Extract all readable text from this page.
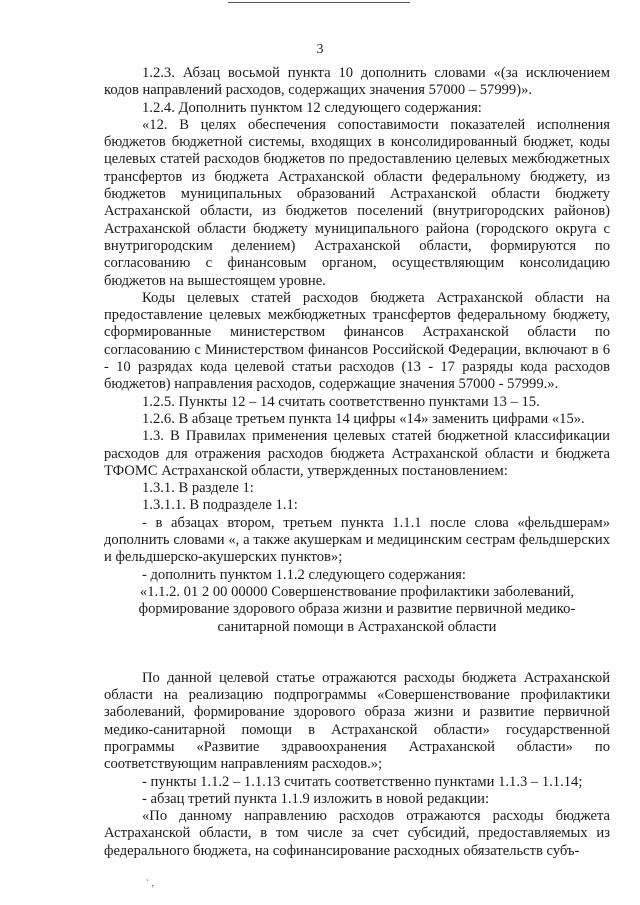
3

1.2.3. Абзац восьмой пункта 10 дополнить словами «(за исключением кодов направлений расходов, содержащих значения 57000 – 57999)».

1.2.4. Дополнить пунктом 12 следующего содержания:

«12. В целях обеспечения сопоставимости показателей исполнения бюджетов бюджетной системы, входящих в консолидированный бюджет, коды целевых статей расходов бюджетов по предоставлению целевых межбюджетных трансфертов из бюджета Астраханской области федеральному бюджету, из бюджетов муниципальных образований Астраханской области бюджету Астраханской области, из бюджетов поселений (внутригородских районов) Астраханской области бюджету муниципального района (городского округа с внутригородским делением) Астраханской области, формируются по согласованию с финансовым органом, осуществляющим консолидацию бюджетов на вышестоящем уровне.

Коды целевых статей расходов бюджета Астраханской области на предоставление целевых межбюджетных трансфертов федеральному бюджету, сформированные министерством финансов Астраханской области по согласованию с Министерством финансов Российской Федерации, включают в 6 - 10 разрядах кода целевой статьи расходов (13 - 17 разряды кода расходов бюджетов) направления расходов, содержащие значения 57000 - 57999.».

1.2.5. Пункты 12 – 14 считать соответственно пунктами 13 – 15.

1.2.6. В абзаце третьем пункта 14 цифры «14» заменить цифрами «15».

1.3. В Правилах применения целевых статей бюджетной классификации расходов для отражения расходов бюджета Астраханской области и бюджета ТФОМС Астраханской области, утвержденных постановлением:

1.3.1. В разделе 1:

1.3.1.1. В подразделе 1.1:

- в абзацах втором, третьем пункта 1.1.1 после слова «фельдшерам» дополнить словами «, а также акушеркам и медицинским сестрам фельдшерских и фельдшерско-акушерских пунктов»;

- дополнить пунктом 1.1.2 следующего содержания:

«1.1.2. 01 2 00 00000 Совершенствование профилактики заболеваний, формирование здорового образа жизни и развитие первичной медико-санитарной помощи в Астраханской области

По данной целевой статье отражаются расходы бюджета Астраханской области на реализацию подпрограммы «Совершенствование профилактики заболеваний, формирование здорового образа жизни и развитие первичной медико-санитарной помощи в Астраханской области» государственной программы «Развитие здравоохранения Астраханской области» по соответствующим направлениям расходов.»;

- пункты 1.1.2 – 1.1.13 считать соответственно пунктами 1.1.3 – 1.1.14;

- абзац третий пункта 1.1.9 изложить в новой редакции:

«По данному направлению расходов отражаются расходы бюджета Астраханской области, в том числе за счет субсидий, предоставляемых из федерального бюджета, на софинансирование расходных обязательств субъ-

` ‚
